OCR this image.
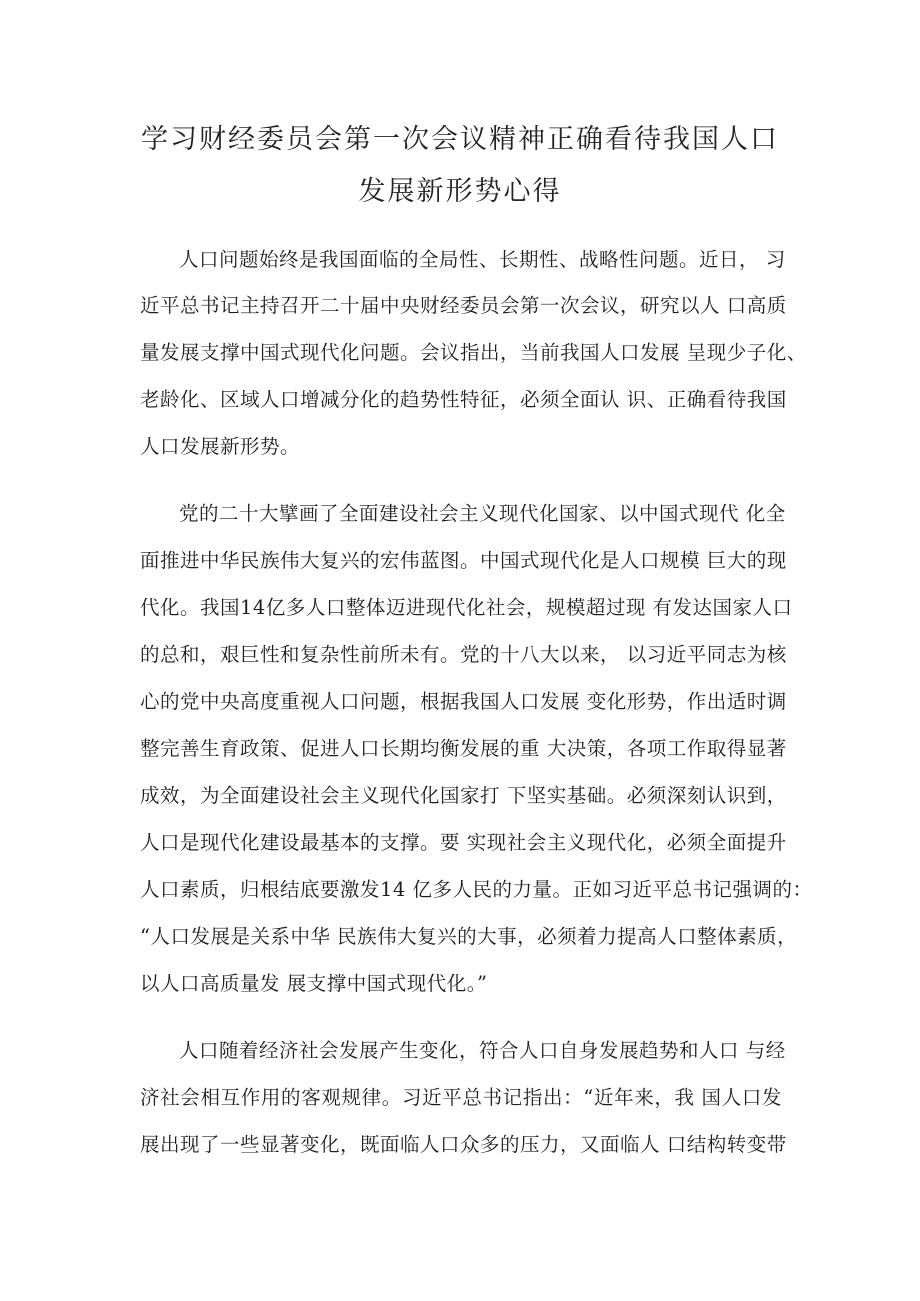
学习财经委员会第一次会议精神正确看待我国人口
发展新形势心得
人口问题始终是我国面临的全局性、长期性、战略性问题。近日， 习
近平总书记主持召开二十届中央财经委员会第一次会议，研究以人 口高质
量发展支撑中国式现代化问题。会议指出，当前我国人口发展 呈现少子化、
老龄化、区域人口增减分化的趋势性特征，必须全面认 识、正确看待我国
人口发展新形势。
党的二十大擘画了全面建设社会主义现代化国家、以中国式现代 化全
面推进中华民族伟大复兴的宏伟蓝图。中国式现代化是人口规模 巨大的现
代化。我国14亿多人口整体迈进现代化社会，规模超过现 有发达国家人口
的总和，艰巨性和复杂性前所未有。党的十八大以来， 以习近平同志为核
心的党中央高度重视人口问题，根据我国人口发展 变化形势，作出适时调
整完善生育政策、促进人口长期均衡发展的重 大决策，各项工作取得显著
成效，为全面建设社会主义现代化国家打 下坚实基础。必须深刻认识到，
人口是现代化建设最基本的支撑。要 实现社会主义现代化，必须全面提升
人口素质，归根结底要激发14 亿多人民的力量。正如习近平总书记强调的：
“人口发展是关系中华 民族伟大复兴的大事，必须着力提高人口整体素质，
以人口高质量发 展支撑中国式现代化。”
人口随着经济社会发展产生变化，符合人口自身发展趋势和人口 与经
济社会相互作用的客观规律。习近平总书记指出：“近年来，我 国人口发
展出现了一些显著变化，既面临人口众多的压力，又面临人 口结构转变带
